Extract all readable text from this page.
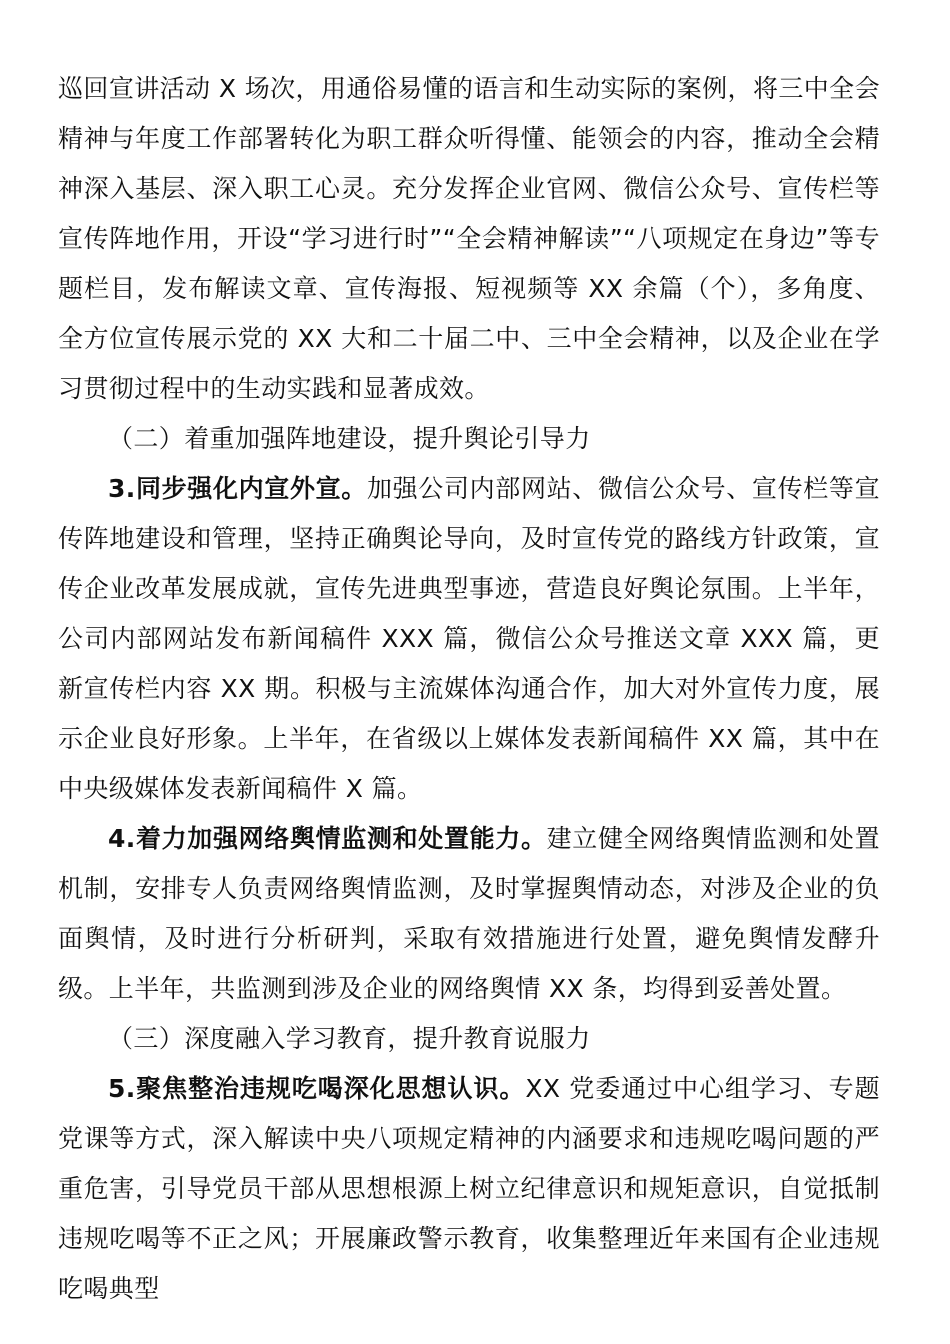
巡回宣讲活动 X 场次，用通俗易懂的语言和生动实际的案例，将三中全会精神与年度工作部署转化为职工群众听得懂、能领会的内容，推动全会精神深入基层、深入职工心灵。充分发挥企业官网、微信公众号、宣传栏等宣传阵地作用，开设“学习进行时”“全会精神解读”“八项规定在身边”等专题栏目，发布解读文章、宣传海报、短视频等 XX 余篇（个），多角度、全方位宣传展示党的 XX 大和二十届二中、三中全会精神，以及企业在学习贯彻过程中的生动实践和显著成效。

（二）着重加强阵地建设，提升舆论引导力

3.同步强化内宣外宣。加强公司内部网站、微信公众号、宣传栏等宣传阵地建设和管理，坚持正确舆论导向，及时宣传党的路线方针政策，宣传企业改革发展成就，宣传先进典型事迹，营造良好舆论氛围。上半年，公司内部网站发布新闻稿件 XXX 篇，微信公众号推送文章 XXX 篇，更新宣传栏内容 XX 期。积极与主流媒体沟通合作，加大对外宣传力度，展示企业良好形象。上半年，在省级以上媒体发表新闻稿件 XX 篇，其中在中央级媒体发表新闻稿件 X 篇。

4.着力加强网络舆情监测和处置能力。建立健全网络舆情监测和处置机制，安排专人负责网络舆情监测，及时掌握舆情动态，对涉及企业的负面舆情，及时进行分析研判，采取有效措施进行处置，避免舆情发酵升级。上半年，共监测到涉及企业的网络舆情 XX 条，均得到妥善处置。

（三）深度融入学习教育，提升教育说服力

5.聚焦整治违规吃喝深化思想认识。XX 党委通过中心组学习、专题党课等方式，深入解读中央八项规定精神的内涵要求和违规吃喝问题的严重危害，引导党员干部从思想根源上树立纪律意识和规矩意识，自觉抵制违规吃喝等不正之风；开展廉政警示教育，收集整理近年来国有企业违规吃喝典型
